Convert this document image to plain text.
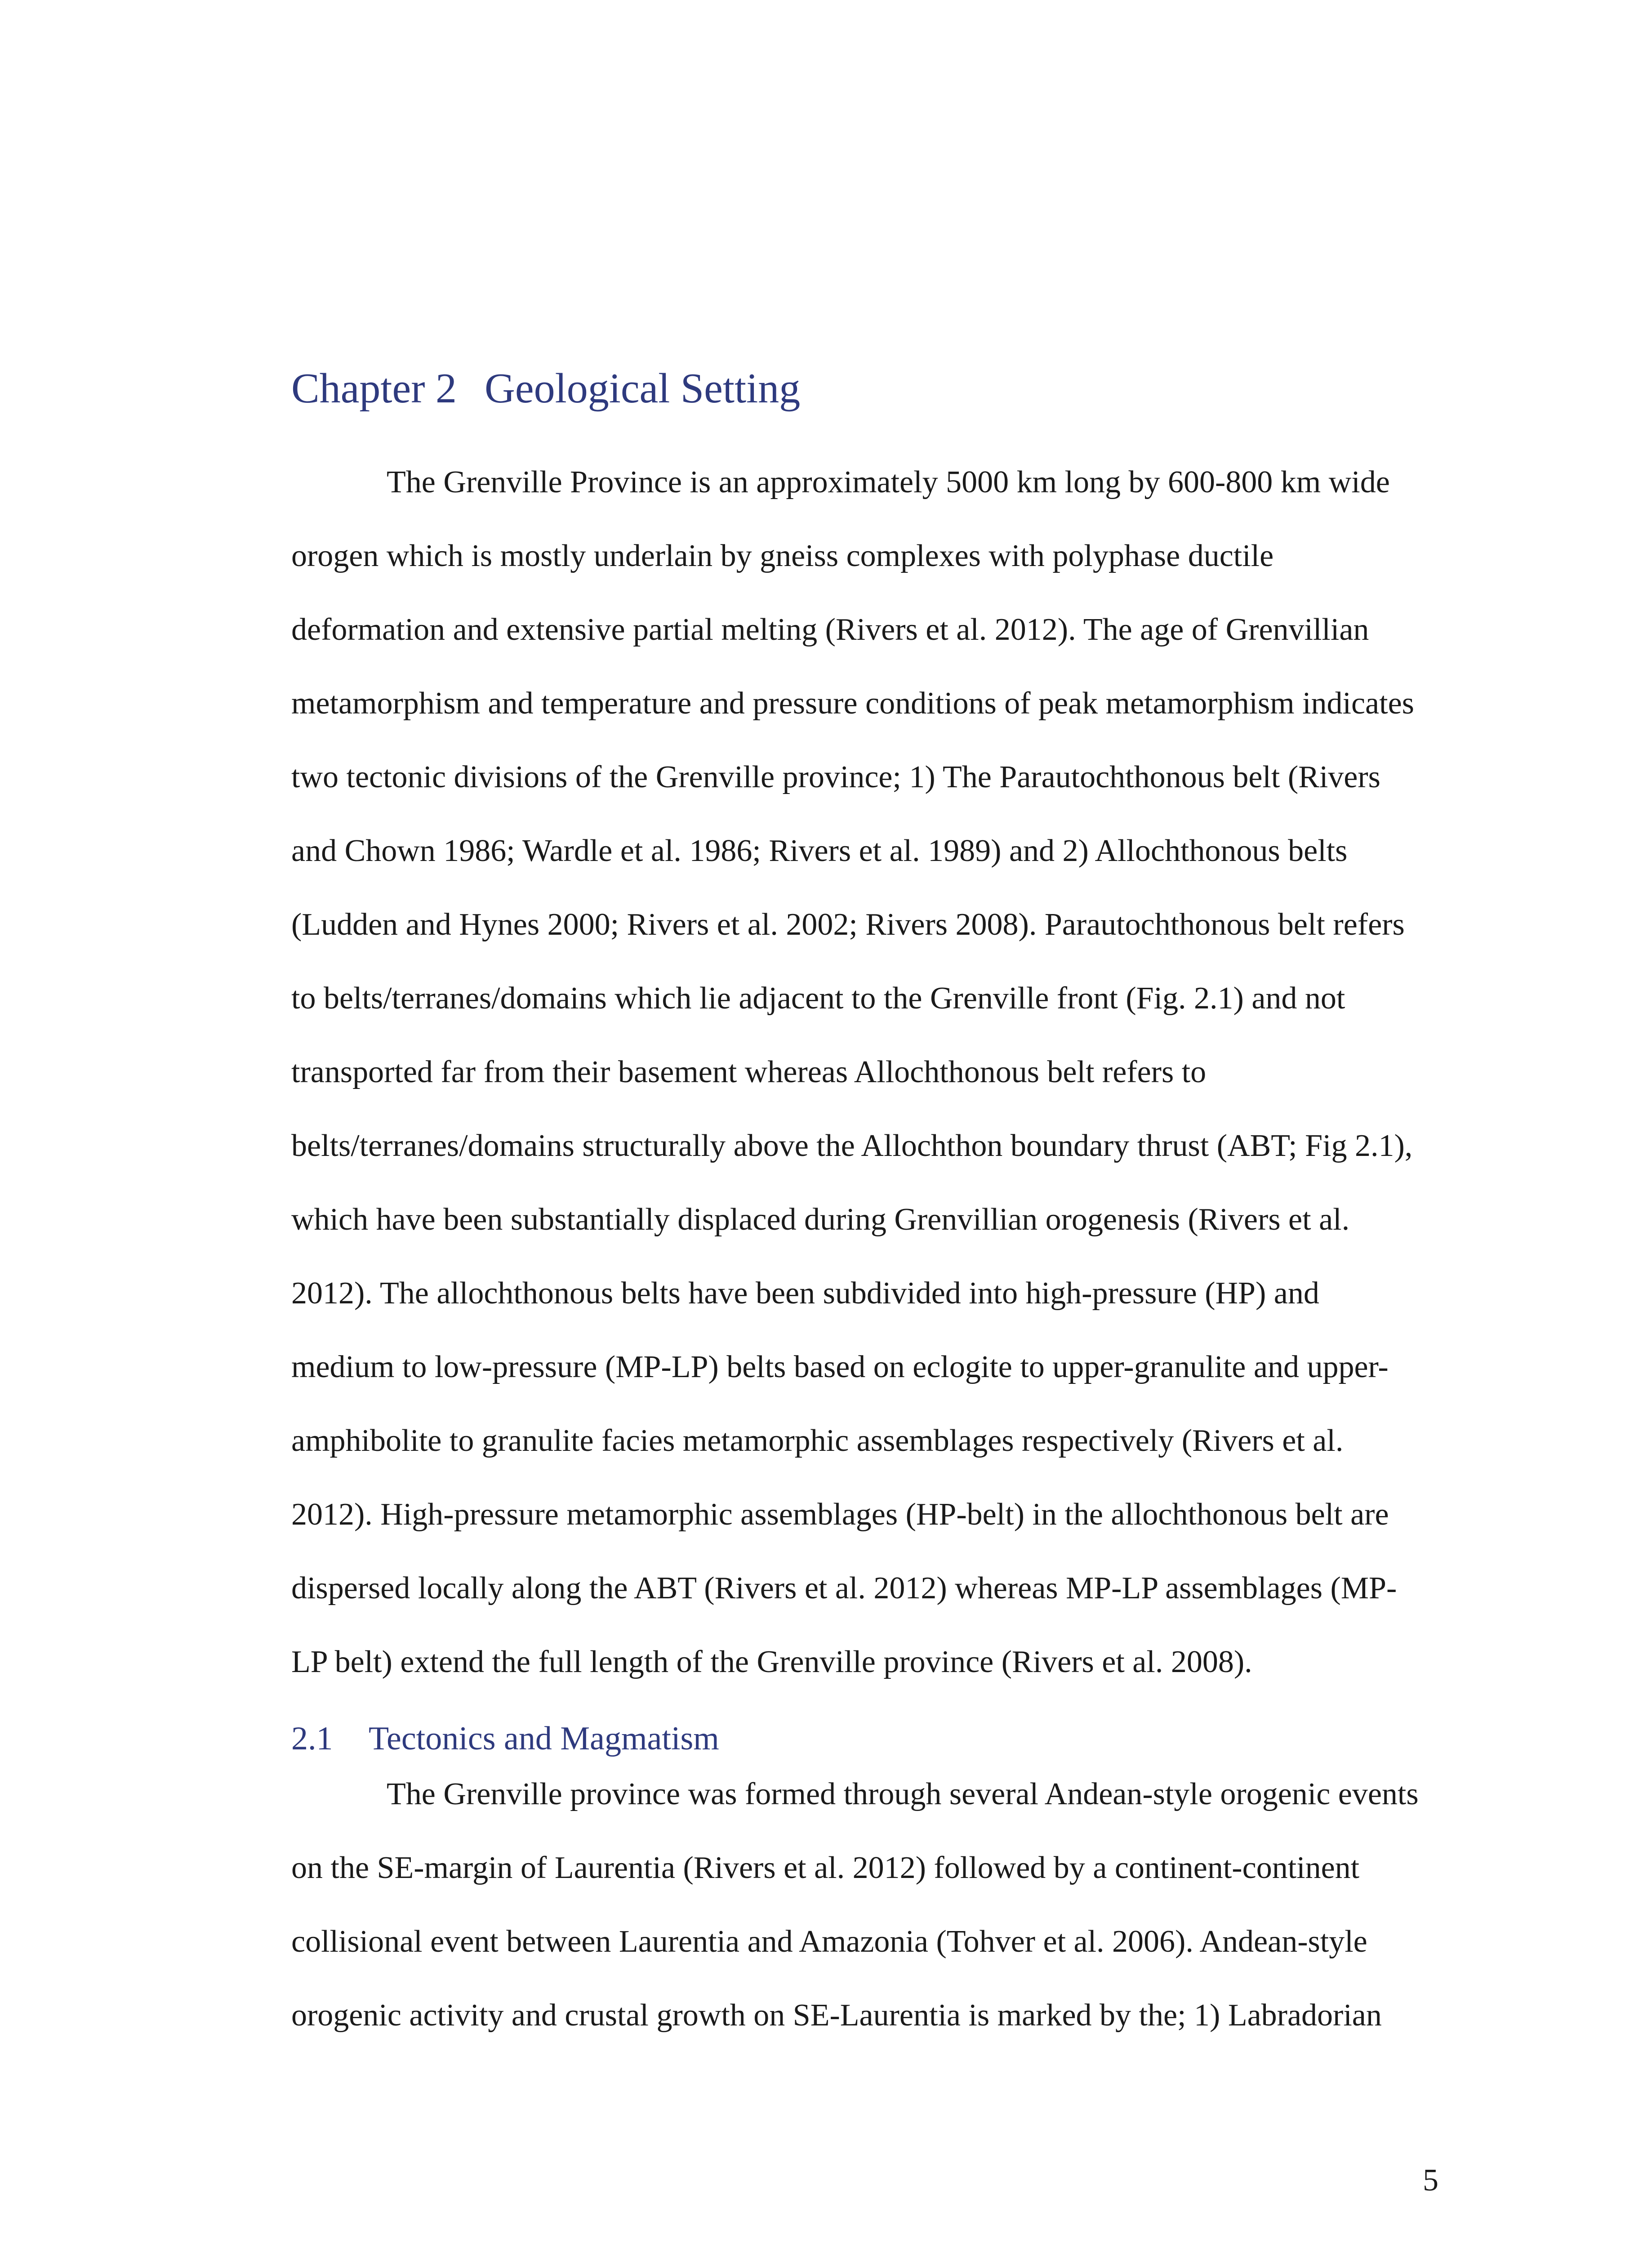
Chapter 2 Geological Setting

The Grenville Province is an approximately 5000 km long by 600-800 km wide

orogen which is mostly underlain by gneiss complexes with polyphase ductile

deformation and extensive partial melting (Rivers et al. 2012). The age of Grenvillian

metamorphism and temperature and pressure conditions of peak metamorphism indicates

two tectonic divisions of the Grenville province; 1) The Parautochthonous belt (Rivers

and Chown 1986; Wardle et al. 1986; Rivers et al. 1989) and 2) Allochthonous belts

(Ludden and Hynes 2000; Rivers et al. 2002; Rivers 2008). Parautochthonous belt refers

to belts/terranes/domains which lie adjacent to the Grenville front (Fig. 2.1) and not

transported far from their basement whereas Allochthonous belt refers to

belts/terranes/domains structurally above the Allochthon boundary thrust (ABT; Fig 2.1),

which have been substantially displaced during Grenvillian orogenesis (Rivers et al.

2012). The allochthonous belts have been subdivided into high-pressure (HP) and

medium to low-pressure (MP-LP) belts based on eclogite to upper-granulite and upper-

amphibolite to granulite facies metamorphic assemblages respectively (Rivers et al.

2012). High-pressure metamorphic assemblages (HP-belt) in the allochthonous belt are

dispersed locally along the ABT (Rivers et al. 2012) whereas MP-LP assemblages (MP-

LP belt) extend the full length of the Grenville province (Rivers et al. 2008).

2.1 Tectonics and Magmatism

The Grenville province was formed through several Andean-style orogenic events

on the SE-margin of Laurentia (Rivers et al. 2012) followed by a continent-continent

collisional event between Laurentia and Amazonia (Tohver et al. 2006). Andean-style

orogenic activity and crustal growth on SE-Laurentia is marked by the; 1) Labradorian

5
